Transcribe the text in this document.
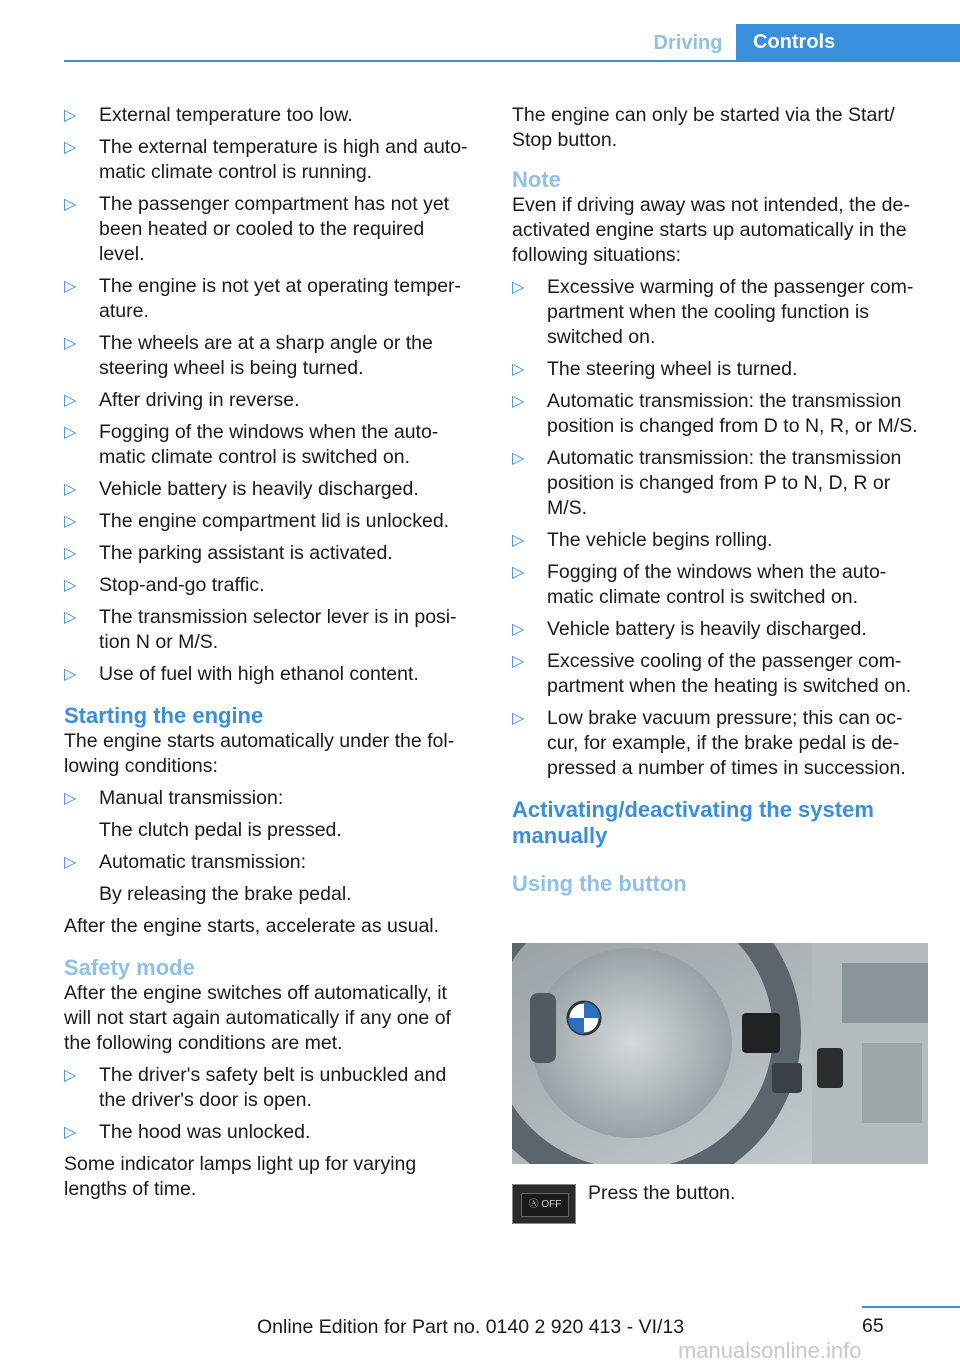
Driving	Controls
▷ External temperature too low.
▷ The external temperature is high and auto-
matic climate control is running.
▷ The passenger compartment has not yet
been heated or cooled to the required
level.
▷ The engine is not yet at operating temper-
ature.
▷ The wheels are at a sharp angle or the
steering wheel is being turned.
▷ After driving in reverse.
▷ Fogging of the windows when the auto-
matic climate control is switched on.
▷ Vehicle battery is heavily discharged.
▷ The engine compartment lid is unlocked.
▷ The parking assistant is activated.
▷ Stop-and-go traffic.
▷ The transmission selector lever is in posi-
tion N or M/S.
▷ Use of fuel with high ethanol content.
Starting the engine

The engine starts automatically under the fol-
lowing conditions:

▷ Manual transmission:
The clutch pedal is pressed.
▷ Automatic transmission:
By releasing the brake pedal.

After the engine starts, accelerate as usual.

Safety mode

After the engine switches off automatically, it
will not start again automatically if any one of
the following conditions are met.

▷ The driver's safety belt is unbuckled and
the driver's door is open.
▷ The hood was unlocked.

Some indicator lamps light up for varying
lengths of time.

The engine can only be started via the Start/
Stop button.

Note

Even if driving away was not intended, the de-
activated engine starts up automatically in the
following situations:

▷ Excessive warming of the passenger com-
partment when the cooling function is
switched on.
▷ The steering wheel is turned.
▷ Automatic transmission: the transmission
position is changed from D to N, R, or M/S.
▷ Automatic transmission: the transmission
position is changed from P to N, D, R or
M/S.
▷ The vehicle begins rolling.
▷ Fogging of the windows when the auto-
matic climate control is switched on.
▷ Vehicle battery is heavily discharged.
▷ Excessive cooling of the passenger com-
partment when the heating is switched on.
▷ Low brake vacuum pressure; this can oc-
cur, for example, if the brake pedal is de-
pressed a number of times in succession.
Activating/deactivating the system
manually
Using the button
Ⓐ OFF
Press the button.
65
Online Edition for Part no. 0140 2 920 413 - VI/13
manualsonline.info
